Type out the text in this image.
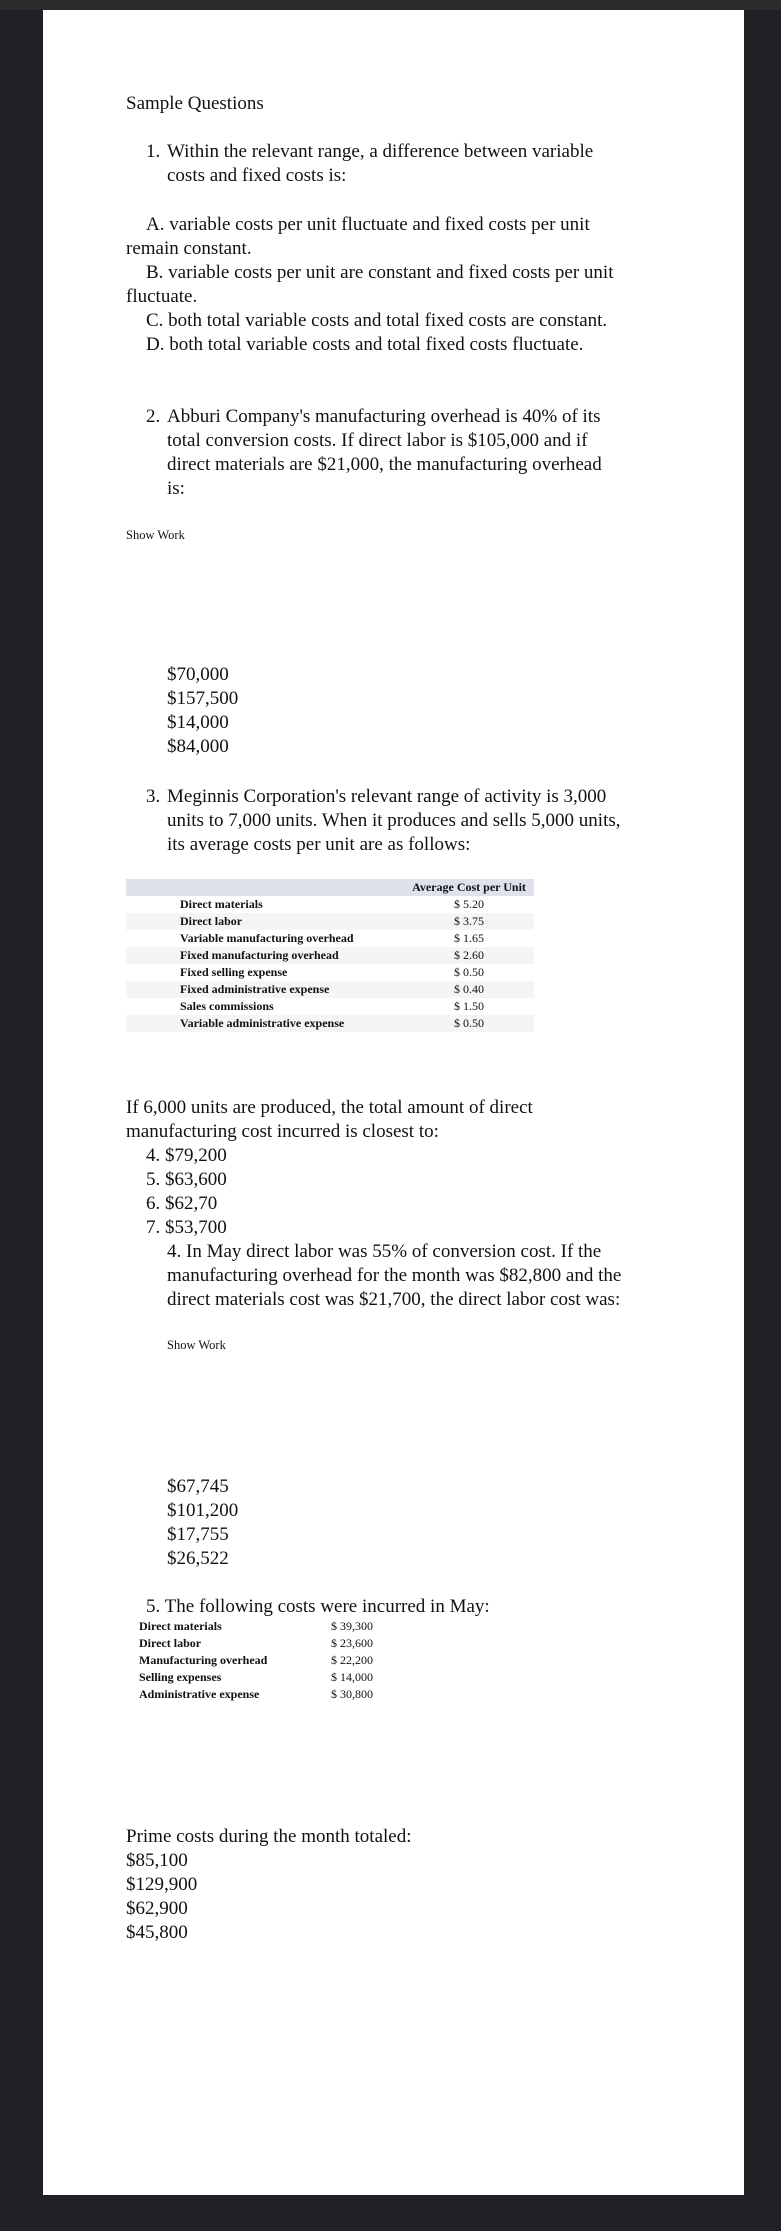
Sample Questions
1. Within the relevant range, a difference between variable
costs and fixed costs is:
A. variable costs per unit fluctuate and fixed costs per unit
remain constant.
B. variable costs per unit are constant and fixed costs per unit
fluctuate.
C. both total variable costs and total fixed costs are constant.
D. both total variable costs and total fixed costs fluctuate.
2. Abburi Company's manufacturing overhead is 40% of its
total conversion costs. If direct labor is $105,000 and if
direct materials are $21,000, the manufacturing overhead
is:
Show Work
$70,000
$157,500
$14,000
$84,000
3. Meginnis Corporation's relevant range of activity is 3,000
units to 7,000 units. When it produces and sells 5,000 units,
its average costs per unit are as follows:
	Average Cost per Unit
Direct materials	$ 5.20
Direct labor	$ 3.75
Variable manufacturing overhead	$ 1.65
Fixed manufacturing overhead	$ 2.60
Fixed selling expense	$ 0.50
Fixed administrative expense	$ 0.40
Sales commissions	$ 1.50
Variable administrative expense	$ 0.50
If 6,000 units are produced, the total amount of direct
manufacturing cost incurred is closest to:
4. $79,200
5. $63,600
6. $62,70
7. $53,700
4. In May direct labor was 55% of conversion cost. If the
manufacturing overhead for the month was $82,800 and the
direct materials cost was $21,700, the direct labor cost was:
Show Work
$67,745
$101,200
$17,755
$26,522
5. The following costs were incurred in May:
Direct materials	$ 39,300
Direct labor	$ 23,600
Manufacturing overhead	$ 22,200
Selling expenses	$ 14,000
Administrative expense	$ 30,800
Prime costs during the month totaled:
$85,100
$129,900
$62,900
$45,800
